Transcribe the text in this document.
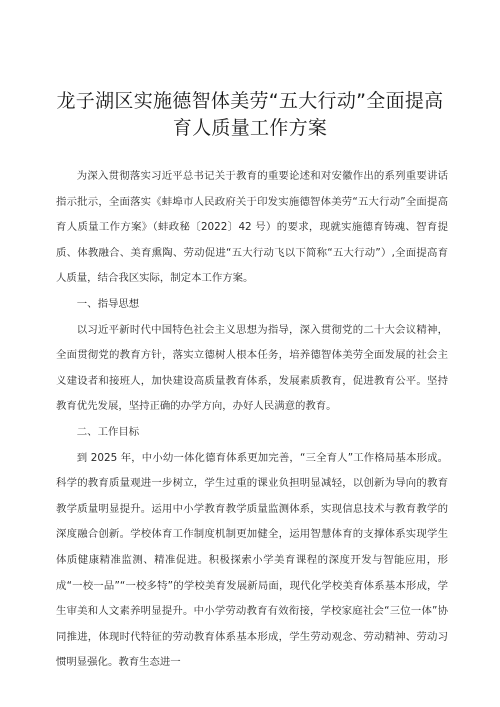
龙子湖区实施德智体美劳“五大行动”全面提高
育人质量工作方案

为深入贯彻落实习近平总书记关于教育的重要论述和对安徽作出的系列重要讲话指示批示，全面落实《蚌埠市人民政府关于印发实施德智体美劳“五大行动”全面提高育人质量工作方案》（蚌政秘〔2022〕42 号）的要求，现就实施德育铸魂、智育提质、体教融合、美育熏陶、劳动促进“五大行动飞以下简称“五大行动”）,全面提高育人质量，结合我区实际，制定本工作方案。

一、指导思想

以习近平新时代中国特色社会主义思想为指导，深入贯彻党的二十大会议精神，全面贯彻党的教育方针，落实立德树人根本任务，培养德智体美劳全面发展的社会主义建设者和接班人，加快建设高质量教育体系，发展素质教育，促进教育公平。坚持教育优先发展，坚持正确的办学方向，办好人民满意的教育。

二、工作目标

到 2025 年，中小幼一体化德育体系更加完善，“三全育人”工作格局基本形成。科学的教育质量观进一步树立，学生过重的课业负担明显减轻，以创新为导向的教育教学质量明显提升。运用中小学教育教学质量监测体系，实现信息技术与教育教学的深度融合创新。学校体育工作制度机制更加健全，运用智慧体育的支撑体系实现学生体质健康精准监测、精准促进。积极探索小学美育课程的深度开发与智能应用，形成“一校一品”“一校多特”的学校美育发展新局面，现代化学校美育体系基本形成，学生审美和人文素养明显提升。中小学劳动教育有效衔接，学校家庭社会“三位一体”协同推进，体现时代特征的劳动教育体系基本形成，学生劳动观念、劳动精神、劳动习惯明显强化。教育生态进一
